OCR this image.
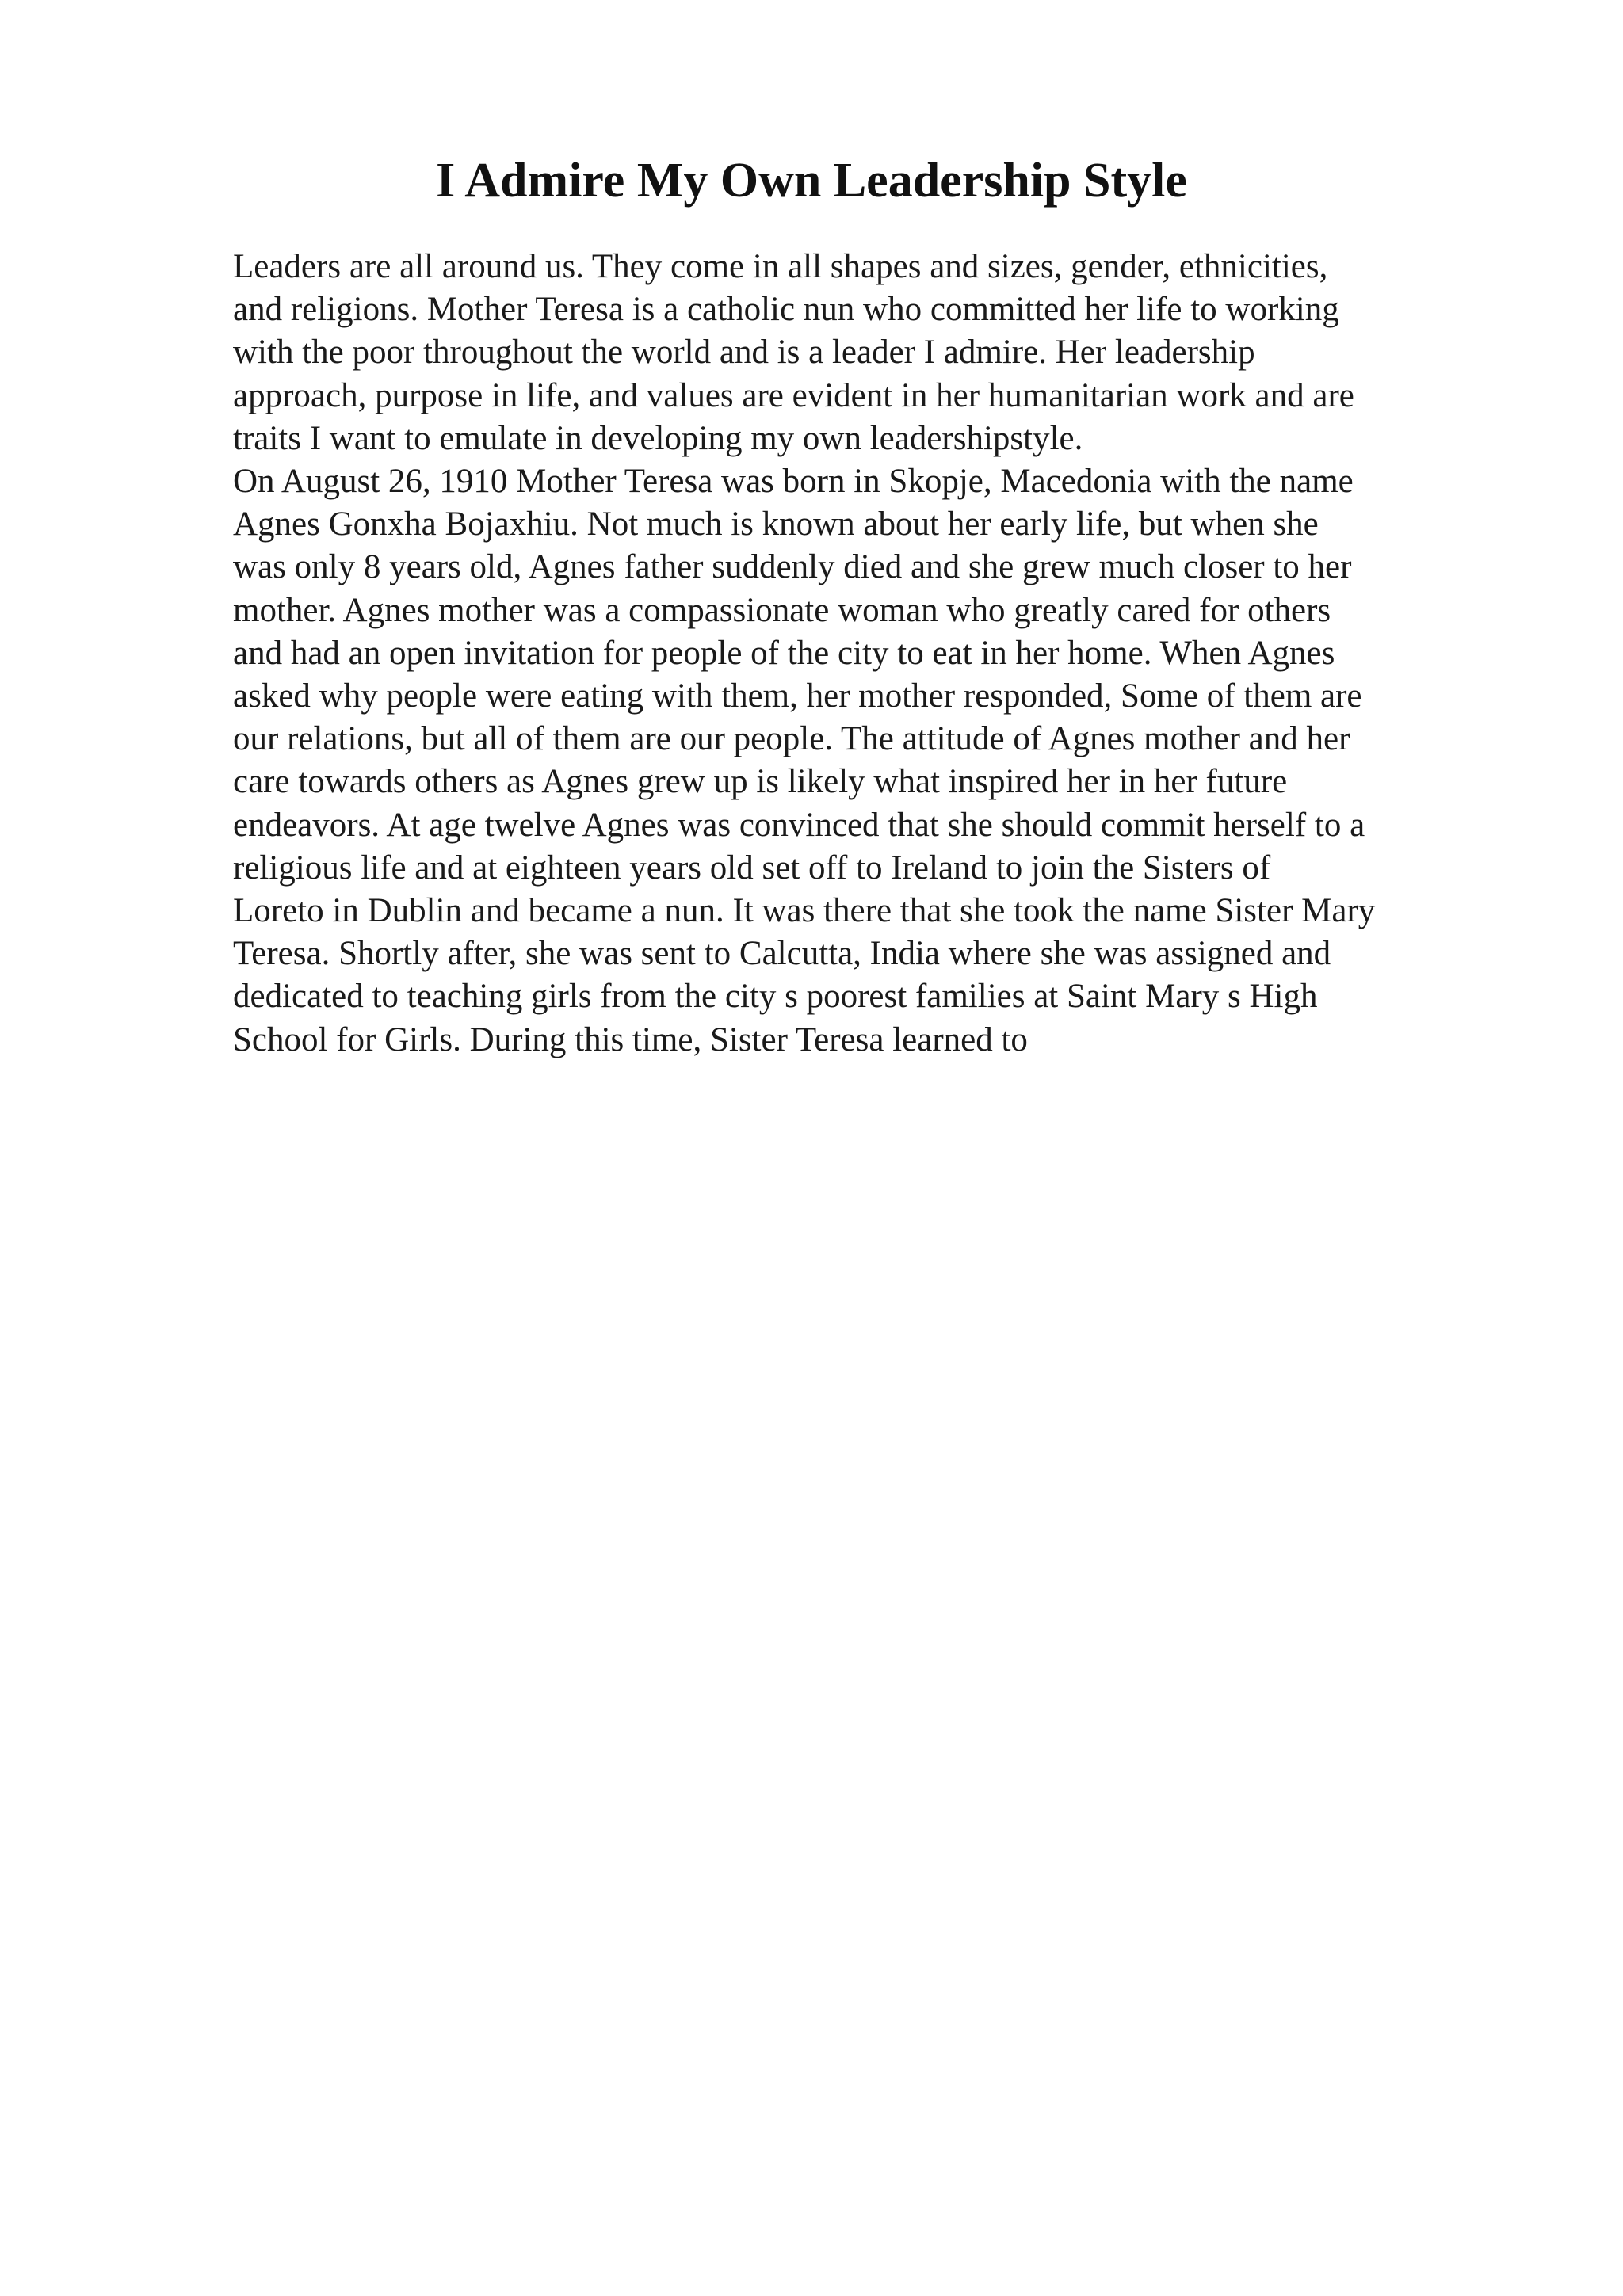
I Admire My Own Leadership Style
Leaders are all around us. They come in all shapes and sizes, gender, ethnicities,
and religions. Mother Teresa is a catholic nun who committed her life to working
with the poor throughout the world and is a leader I admire. Her leadership
approach, purpose in life, and values are evident in her humanitarian work and are
traits I want to emulate in developing my own leadershipstyle.
On August 26, 1910 Mother Teresa was born in Skopje, Macedonia with the name
Agnes Gonxha Bojaxhiu. Not much is known about her early life, but when she
was only 8 years old, Agnes father suddenly died and she grew much closer to her
mother. Agnes mother was a compassionate woman who greatly cared for others
and had an open invitation for people of the city to eat in her home. When Agnes
asked why people were eating with them, her mother responded, Some of them are
our relations, but all of them are our people. The attitude of Agnes mother and her
care towards others as Agnes grew up is likely what inspired her in her future
endeavors. At age twelve Agnes was convinced that she should commit herself to a
religious life and at eighteen years old set off to Ireland to join the Sisters of
Loreto in Dublin and became a nun. It was there that she took the name Sister Mary
Teresa. Shortly after, she was sent to Calcutta, India where she was assigned and
dedicated to teaching girls from the city s poorest families at Saint Mary s High
School for Girls. During this time, Sister Teresa learned to
